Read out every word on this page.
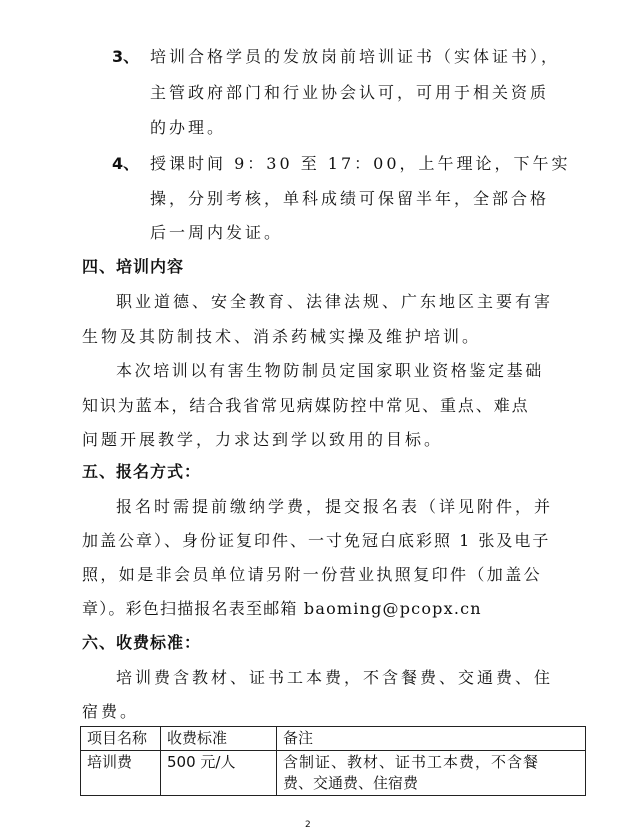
3、 培训合格学员的发放岗前培训证书（实体证书），
主管政府部门和行业协会认可，可用于相关资质
的办理。
4、 授课时间 9：30 至 17：00，上午理论，下午实
操，分别考核，单科成绩可保留半年，全部合格
后一周内发证。
四、培训内容
职业道德、安全教育、法律法规、广东地区主要有害
生物及其防制技术、消杀药械实操及维护培训。
本次培训以有害生物防制员定国家职业资格鉴定基础
知识为蓝本，结合我省常见病媒防控中常见、重点、难点
问题开展教学，力求达到学以致用的目标。
五、报名方式：
报名时需提前缴纳学费，提交报名表（详见附件，并
加盖公章）、身份证复印件、一寸免冠白底彩照 1 张及电子
照，如是非会员单位请另附一份营业执照复印件（加盖公
章）。彩色扫描报名表至邮箱 baoming@pcopx.cn
六、收费标准：
培训费含教材、证书工本费，不含餐费、交通费、住
宿费。
项目名称	收费标准	备注
培训费	500 元/人	含制证、教材、证书工本费，不含餐
费、交通费、住宿费
2
